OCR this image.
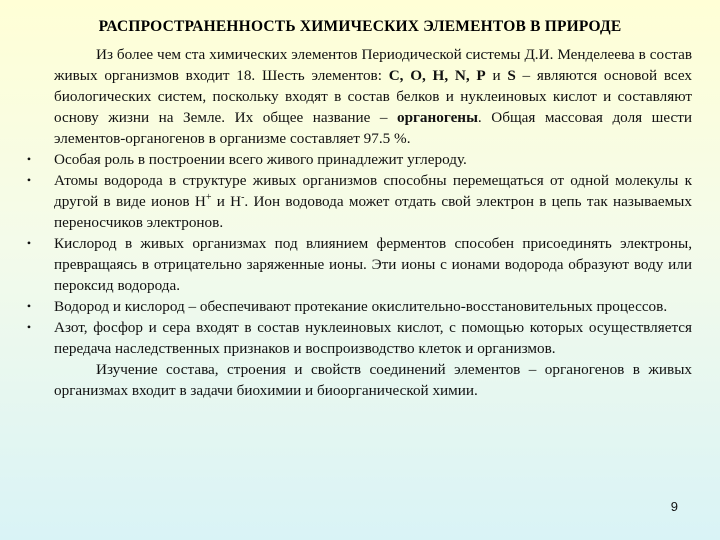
РАСПРОСТРАНЕННОСТЬ ХИМИЧЕСКИХ ЭЛЕМЕНТОВ В ПРИРОДЕ

Из более чем ста химических элементов Периодической системы Д.И. Менделеева в состав живых организмов входит 18. Шесть элементов: C, O, H, N, P и S – являются основой всех биологических систем, поскольку входят в состав белков и нуклеиновых кислот и составляют основу жизни на Земле. Их общее название – органогены. Общая массовая доля шести элементов-органогенов в организме составляет 97.5 %.

• Особая роль в построении всего живого принадлежит углероду.

• Атомы водорода в структуре живых организмов способны перемещаться от одной молекулы к другой в виде ионов Н+ и Н-. Ион водовода может отдать свой электрон в цепь так называемых переносчиков электронов.

• Кислород в живых организмах под влиянием ферментов способен присоединять электроны, превращаясь в отрицательно заряженные ионы. Эти ионы с ионами водорода образуют воду или пероксид водорода.

• Водород и кислород – обеспечивают протекание окислительно-восстановительных процессов.

• Азот, фосфор и сера входят в состав нуклеиновых кислот, с помощью которых осуществляется передача наследственных признаков и воспроизводство клеток и организмов.

Изучение состава, строения и свойств соединений элементов – органогенов в живых организмах входит в задачи биохимии и биоорганической химии.

9
